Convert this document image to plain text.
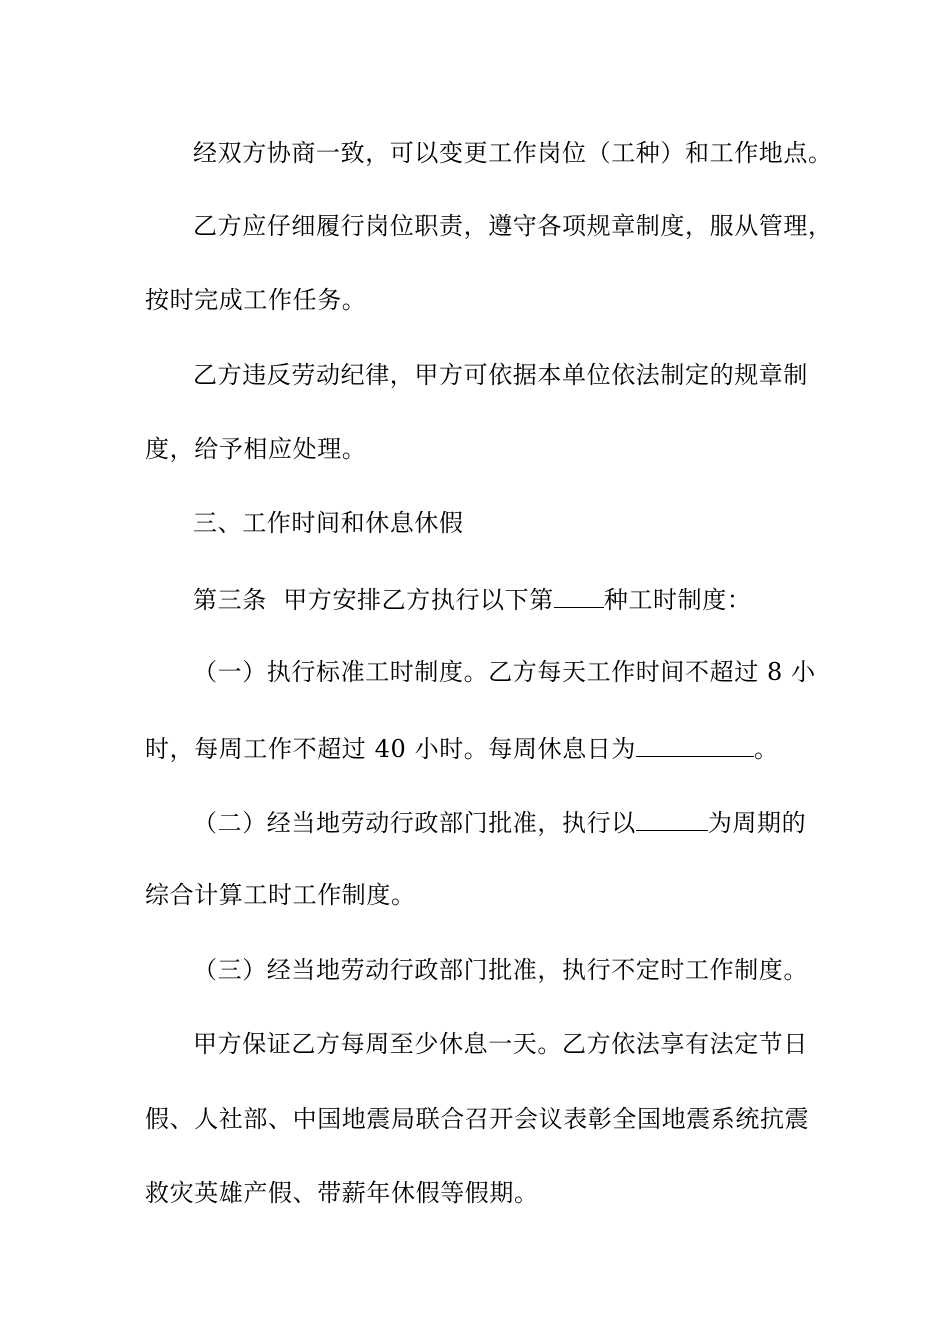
经双方协商一致，可以变更工作岗位（工种）和工作地点。
乙方应仔细履行岗位职责，遵守各项规章制度，服从管理，
按时完成工作任务。
乙方违反劳动纪律，甲方可依据本单位依法制定的规章制
度，给予相应处理。
三、工作时间和休息休假
第三条  甲方安排乙方执行以下第 种工时制度：
（一）执行标准工时制度。乙方每天工作时间不超过 8 小
时，每周工作不超过 40 小时。每周休息日为	。
（二）经当地劳动行政部门批准，执行以	为周期的
综合计算工时工作制度。
（三）经当地劳动行政部门批准，执行不定时工作制度。
甲方保证乙方每周至少休息一天。乙方依法享有法定节日
假、人社部、中国地震局联合召开会议表彰全国地震系统抗震
救灾英雄产假、带薪年休假等假期。
